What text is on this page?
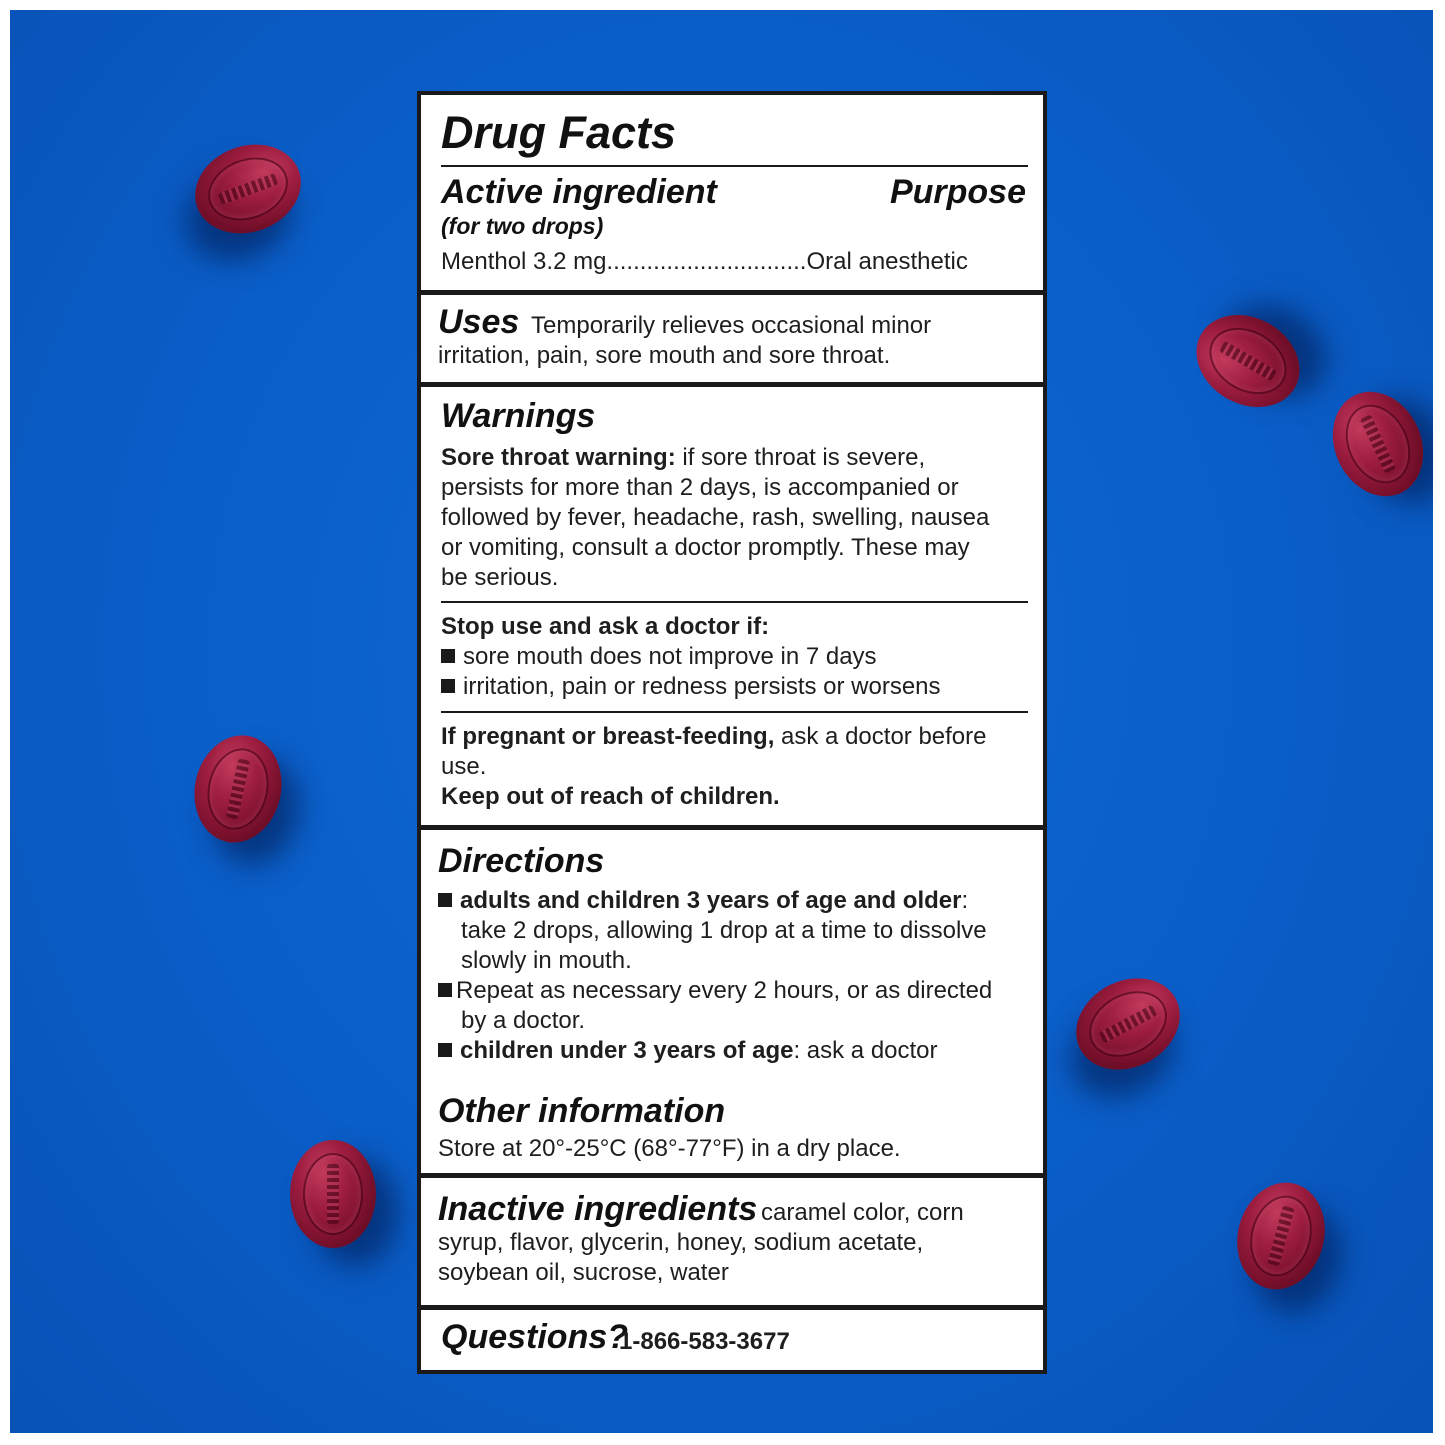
Drug Facts
Active ingredient	Purpose
(for two drops)
Menthol 3.2 mg..............................Oral anesthetic
Uses Temporarily relieves occasional minor
irritation, pain, sore mouth and sore throat.
Warnings
Sore throat warning: if sore throat is severe,
persists for more than 2 days, is accompanied or
followed by fever, headache, rash, swelling, nausea
or vomiting, consult a doctor promptly. These may
be serious.
Stop use and ask a doctor if:
sore mouth does not improve in 7 days
irritation, pain or redness persists or worsens
If pregnant or breast-feeding, ask a doctor before
use.
Keep out of reach of children.
Directions
adults and children 3 years of age and older:
take 2 drops, allowing 1 drop at a time to dissolve
slowly in mouth.
Repeat as necessary every 2 hours, or as directed
by a doctor.
children under 3 years of age: ask a doctor
Other information
Store at 20°-25°C (68°-77°F) in a dry place.
Inactive ingredients caramel color, corn
syrup, flavor, glycerin, honey, sodium acetate,
soybean oil, sucrose, water
Questions?
1-866-583-3677
